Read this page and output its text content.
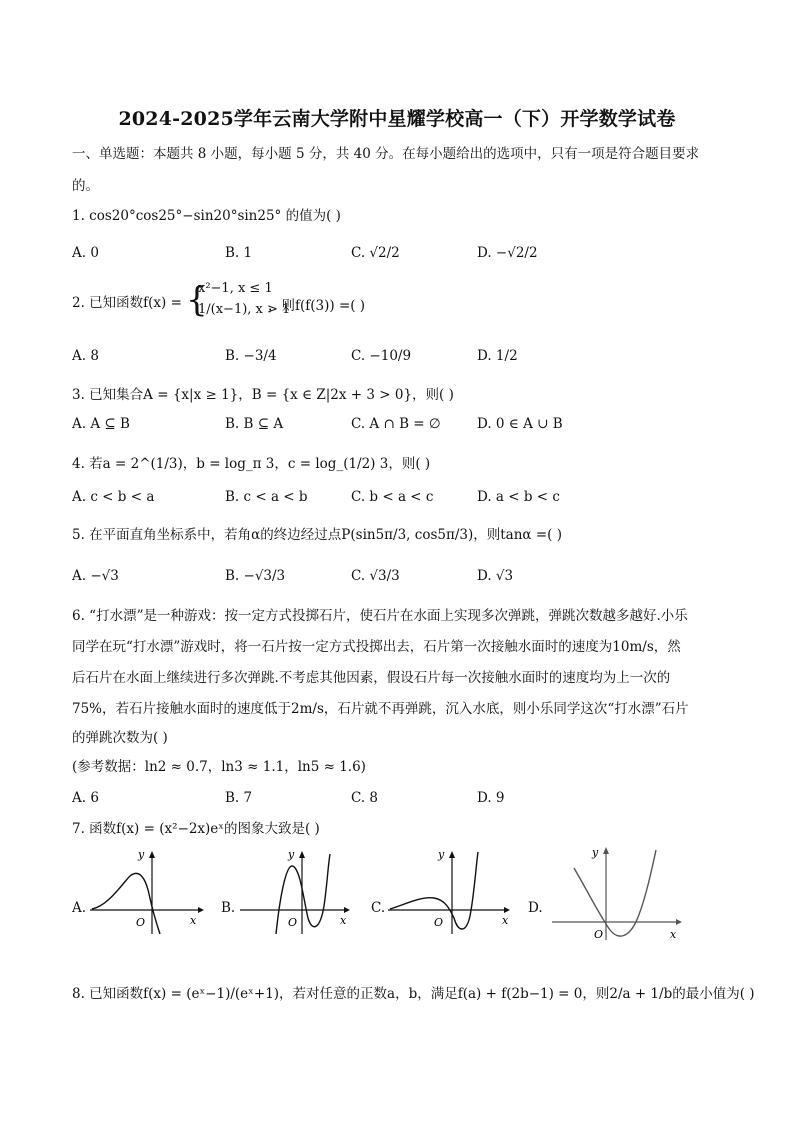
2024-2025学年云南大学附中星耀学校高一（下）开学数学试卷
一、单选题：本题共 8 小题，每小题 5 分，共 40 分。在每小题给出的选项中，只有一项是符合题目要求
的。
1. cos20°cos25°−sin20°sin25° 的值为( )
A. 0	B. 1	C. √2/2	D. −√2/2
2. 已知函数f(x) = {
x²−1, x ≤ 1
1/(x−1), x > 1
，则f(f(3)) =( )
A. 8	B. −3/4	C. −10/9	D. 1/2
3. 已知集合A = {x|x ≥ 1}，B = {x ∈ Z|2x + 3 > 0}，则( )
A. A ⊆ B	B. B ⊆ A	C. A ∩ B = ∅	D. 0 ∈ A ∪ B
4. 若a = 2^(1/3)，b = log_π 3，c = log_(1/2) 3，则( )
A. c < b < a	B. c < a < b	C. b < a < c	D. a < b < c
5. 在平面直角坐标系中，若角α的终边经过点P(sin5π/3, cos5π/3)，则tanα =( )
A. −√3	B. −√3/3	C. √3/3	D. √3
6. “打水漂”是一种游戏：按一定方式投掷石片，使石片在水面上实现多次弹跳，弹跳次数越多越好.小乐
同学在玩“打水漂”游戏时，将一石片按一定方式投掷出去，石片第一次接触水面时的速度为10m/s，然
后石片在水面上继续进行多次弹跳.不考虑其他因素，假设石片每一次接触水面时的速度均为上一次的
75%，若石片接触水面时的速度低于2m/s，石片就不再弹跳，沉入水底，则小乐同学这次“打水漂”石片
的弹跳次数为( )
(参考数据：ln2 ≈ 0.7，ln3 ≈ 1.1，ln5 ≈ 1.6)
A. 6	B. 7	C. 8	D. 9
7. 函数f(x) = (x²−2x)eˣ的图象大致是( )
A.
O	x
y
B.
O	x
y
C.
O	x
y
D.
O	x
y
8. 已知函数f(x) = (eˣ−1)/(eˣ+1)，若对任意的正数a，b，满足f(a) + f(2b−1) = 0，则2/a + 1/b的最小值为( )
